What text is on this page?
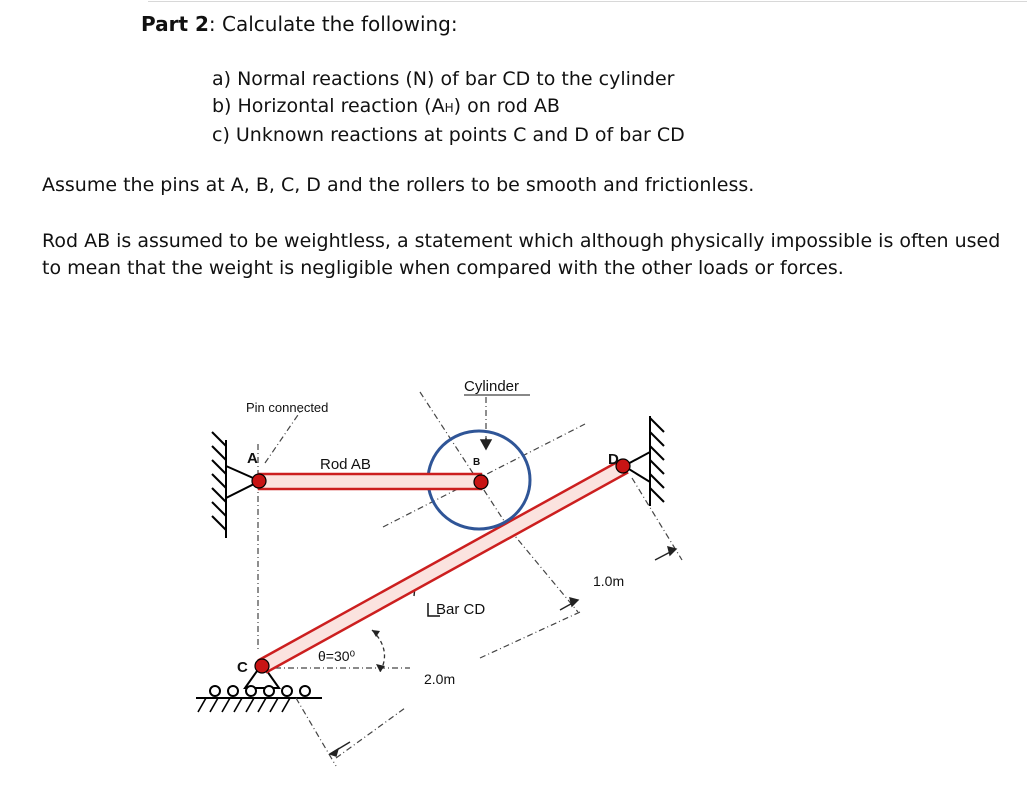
Part 2: Calculate the following:
a) Normal reactions (N) of bar CD to the cylinder
b) Horizontal reaction (AH) on rod AB
c) Unknown reactions at points C and D of bar CD
Assume the pins at A, B, C, D and the rollers to be smooth and frictionless.
Rod AB is assumed to be weightless, a statement which although physically impossible is often used to mean that the weight is negligible when compared with the other loads or forces.
Pin connected
Cylinder
Rod AB
Bar CD
θ=30⁰
2.0m
1.0m
A	B
C
D
